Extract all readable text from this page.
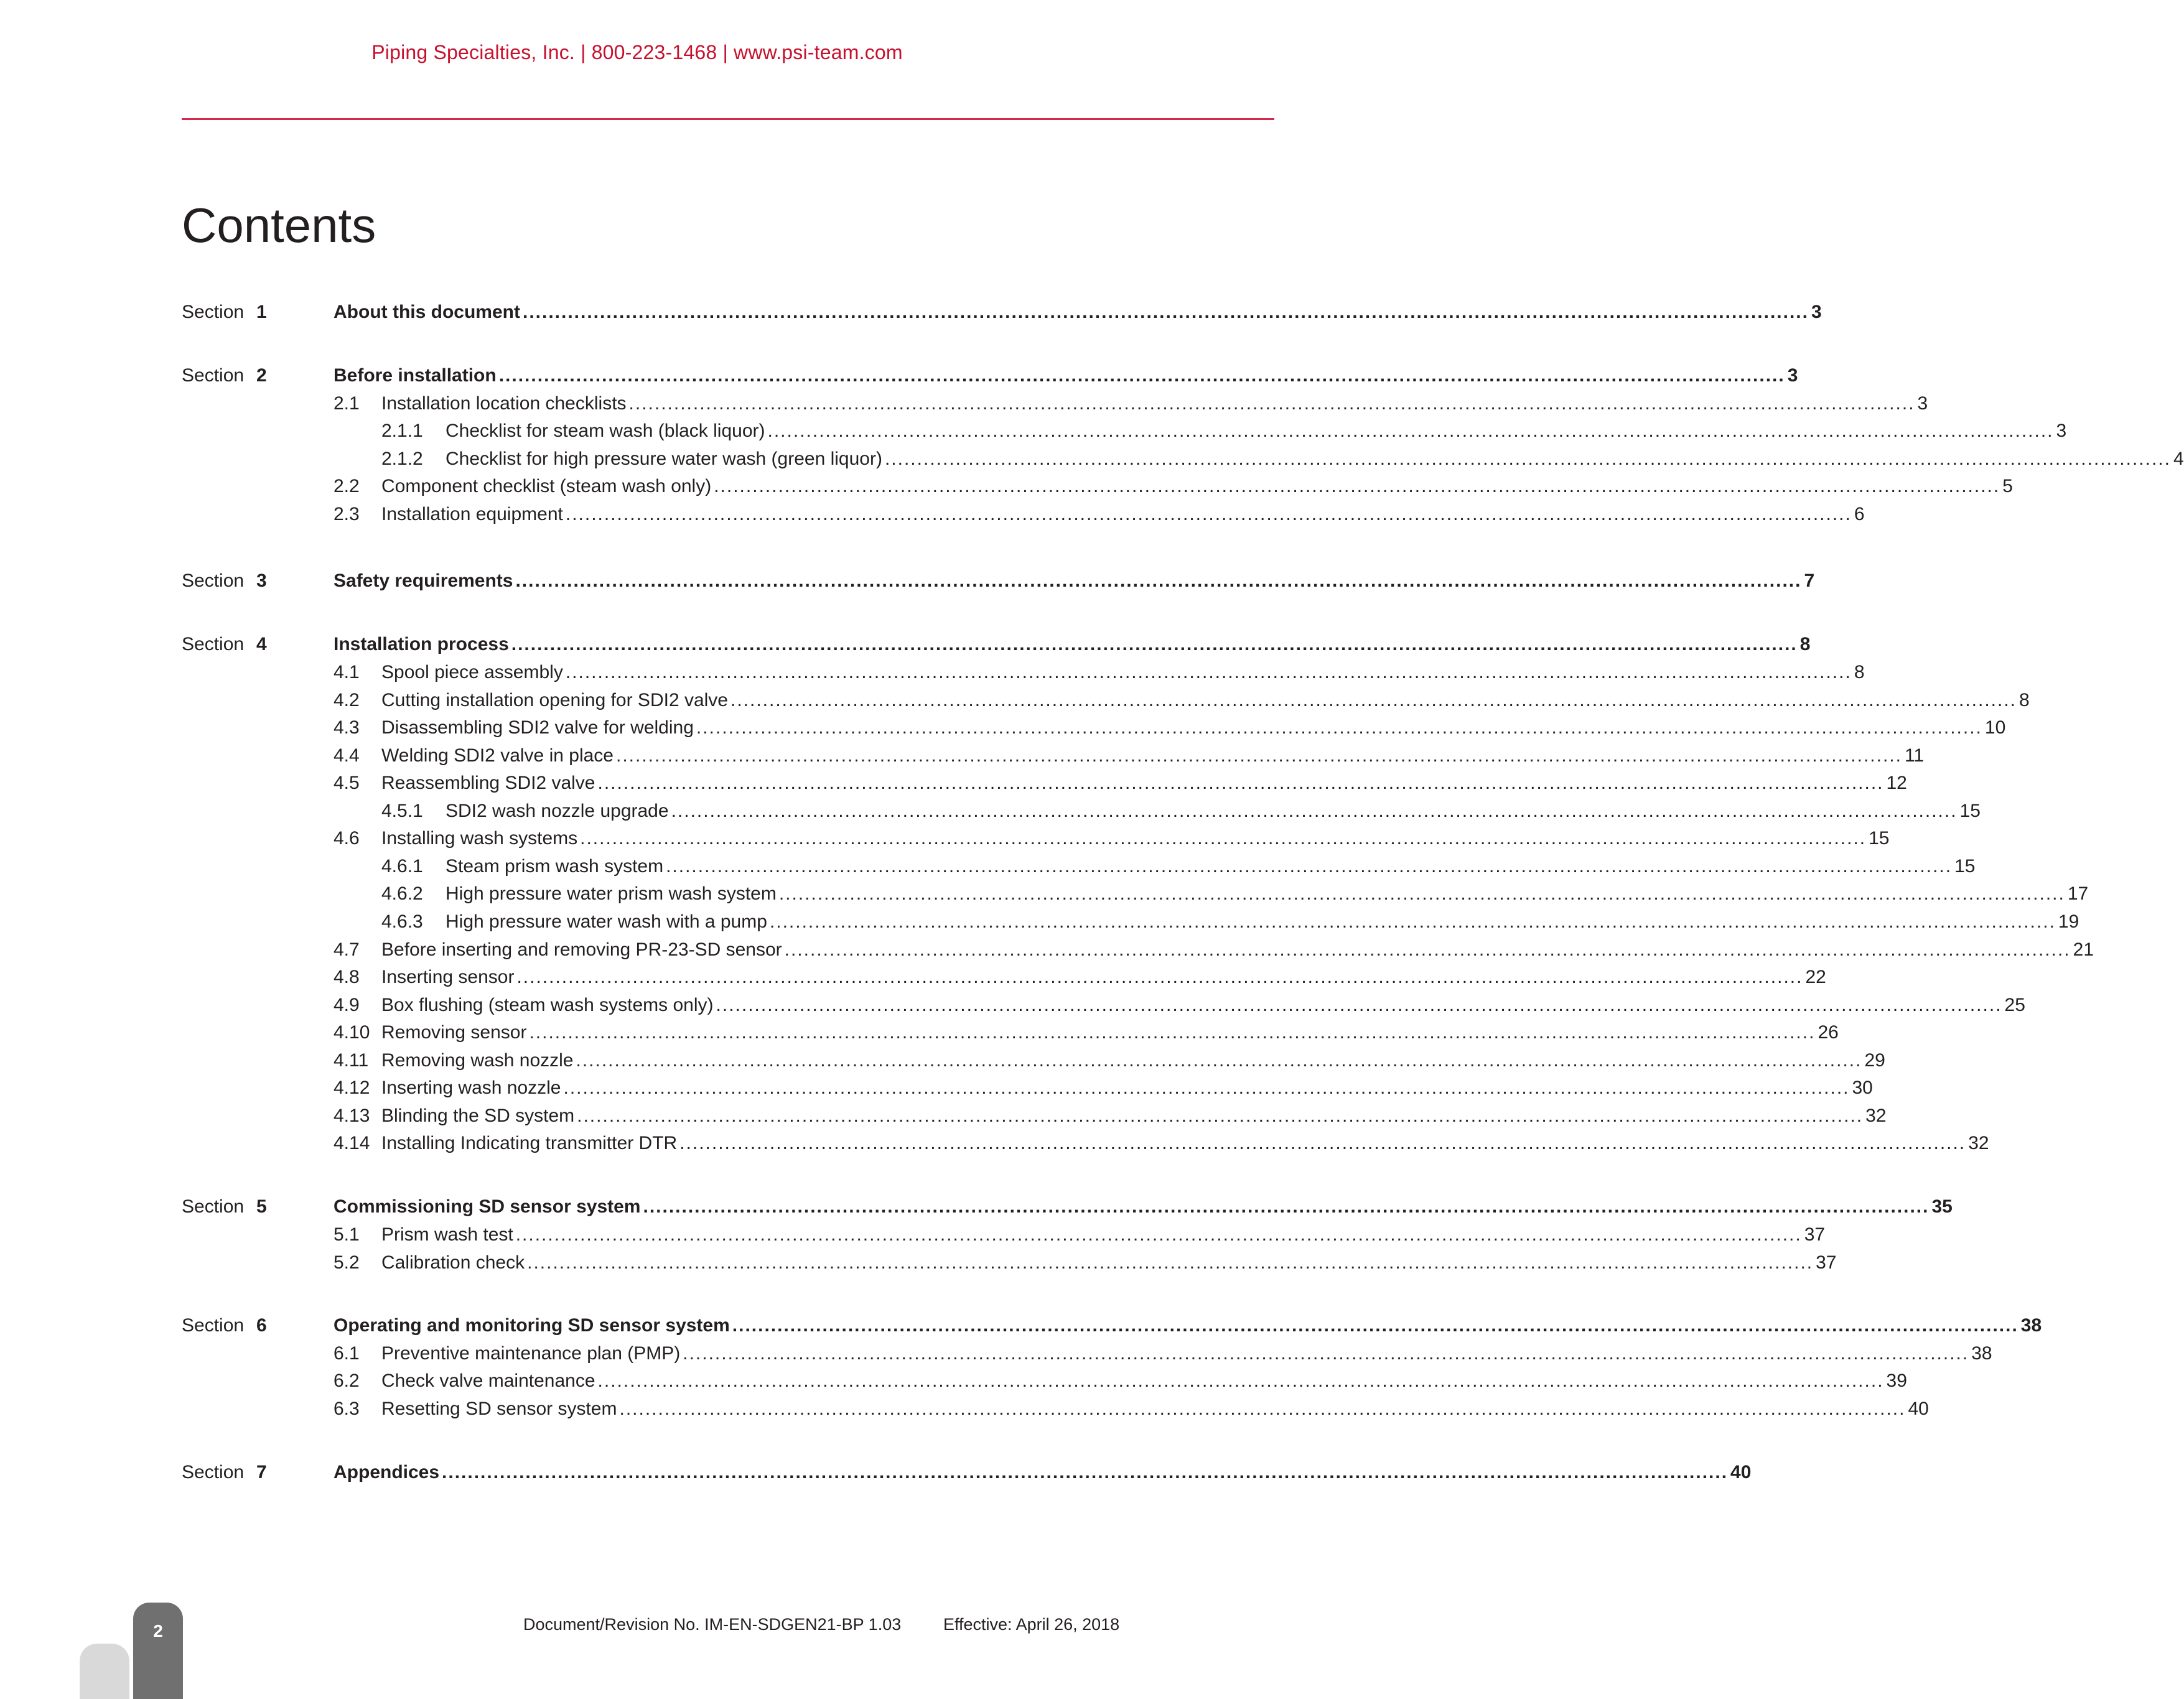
Piping Specialties, Inc. | 800-223-1468 | www.psi-team.com
Contents
Section 1	About this document ........................................................................................................................................................................................................ 3
Section 2	Before installation ........................................................................................................................................................................................................ 3
2.1 Installation location checklists ........................................................................................................................................................................................................ 3
2.1.1 Checklist for steam wash (black liquor) ........................................................................................................................................................................................................ 3
2.1.2 Checklist for high pressure water wash (green liquor) ........................................................................................................................................................................................................ 4
2.2 Component checklist (steam wash only) ........................................................................................................................................................................................................ 5
2.3 Installation equipment ........................................................................................................................................................................................................ 6
Section 3	Safety requirements ........................................................................................................................................................................................................ 7
Section 4	Installation process ........................................................................................................................................................................................................ 8
4.1 Spool piece assembly ........................................................................................................................................................................................................ 8
4.2 Cutting installation opening for SDI2 valve ........................................................................................................................................................................................................ 8
4.3 Disassembling SDI2 valve for welding ........................................................................................................................................................................................................ 10
4.4 Welding SDI2 valve in place ........................................................................................................................................................................................................ 11
4.5 Reassembling SDI2 valve ........................................................................................................................................................................................................ 12
4.5.1 SDI2 wash nozzle upgrade ........................................................................................................................................................................................................ 15
4.6 Installing wash systems ........................................................................................................................................................................................................ 15
4.6.1 Steam prism wash system ........................................................................................................................................................................................................ 15
4.6.2 High pressure water prism wash system ........................................................................................................................................................................................................ 17
4.6.3 High pressure water wash with a pump ........................................................................................................................................................................................................ 19
4.7 Before inserting and removing PR-23-SD sensor ........................................................................................................................................................................................................ 21
4.8 Inserting sensor ........................................................................................................................................................................................................ 22
4.9 Box flushing (steam wash systems only) ........................................................................................................................................................................................................ 25
4.10 Removing sensor ........................................................................................................................................................................................................ 26
4.11 Removing wash nozzle ........................................................................................................................................................................................................ 29
4.12 Inserting wash nozzle ........................................................................................................................................................................................................ 30
4.13 Blinding the SD system ........................................................................................................................................................................................................ 32
4.14 Installing Indicating transmitter DTR ........................................................................................................................................................................................................ 32
Section 5	Commissioning SD sensor system ........................................................................................................................................................................................................ 35
5.1 Prism wash test ........................................................................................................................................................................................................ 37
5.2 Calibration check ........................................................................................................................................................................................................ 37
Section 6	Operating and monitoring SD sensor system ........................................................................................................................................................................................................ 38
6.1 Preventive maintenance plan (PMP) ........................................................................................................................................................................................................ 38
6.2 Check valve maintenance ........................................................................................................................................................................................................ 39
6.3 Resetting SD sensor system ........................................................................................................................................................................................................ 40
Section 7	Appendices ........................................................................................................................................................................................................ 40
2	Document/Revision No. IM-EN-SDGEN21-BP 1.03	Effective: April 26, 2018
